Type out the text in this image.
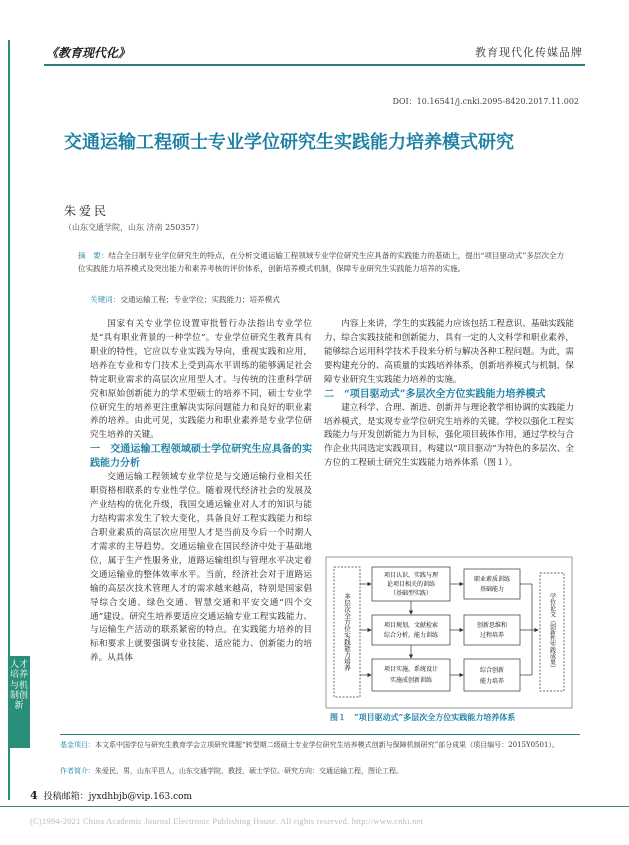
《教育现代化》	教育现代化传媒品牌
DOI：10.16541/j.cnki.2095-8420.2017.11.002
交通运输工程硕士专业学位研究生实践能力培养模式研究
朱爱民
（山东交通学院，山东 济南 250357）
摘　要：结合全日制专业学位研究生的特点，在分析交通运输工程领域专业学位研究生应具备的实践能力的基础上，提出“项目驱动式”多层次全方位实践能力培养模式及突出能力和素养考核的评价体系，创新培养模式机制，保障专业研究生实践能力培养的实施。
关键词：交通运输工程；专业学位；实践能力；培养模式

国家有关专业学位设置审批暂行办法指出专业学位是“具有职业背景的一种学位”。专业学位研究生教育具有职业的特性，它应以专业实践为导向，重视实践和应用，培养在专业和专门技术上受到高水平训练的能够满足社会特定职业需求的高层次应用型人才。与传统的注重科学研究和原始创新能力的学术型硕士的培养不同，硕士专业学位研究生的培养更注重解决实际问题能力和良好的职业素养的培养。由此可见，实践能力和职业素养是专业学位研究生培养的关键。

一　交通运输工程领域硕士学位研究生应具备的实践能力分析

交通运输工程领域专业学位是与交通运输行业相关任职资格相联系的专业性学位。随着现代经济社会的发展及产业结构的优化升级，我国交通运输业对人才的知识与能力结构需求发生了较大变化，具备良好工程实践能力和综合职业素质的高层次应用型人才是当前及今后一个时期人才需求的主导趋势。交通运输业在国民经济中处于基础地位，属于生产性服务业，道路运输组织与管理水平决定着交通运输业的整体效率水平。当前，经济社会对于道路运输的高层次技术管理人才的需求越来越高，特别是国家倡导综合交通、绿色交通、智慧交通和平安交通“四个交通”建设。研究生培养要适应交通运输专业工程实践能力、与运输生产活动的联系紧密的特点。在实践能力培养的目标和要求上就要强调专业技能、适应能力、创新能力的培养。从具体

内容上来讲，学生的实践能力应该包括工程意识、基础实践能力、综合实践技能和创新能力，具有一定的人文科学和职业素养，能够综合运用科学技术手段来分析与解决各种工程问题。为此，需要构建充分的、高质量的实践培养体系，创新培养模式与机制，保障专业研究生实践能力培养的实施。

二　“项目驱动式”多层次全方位实践能力培养模式

建立科学、合理、渐进、创新并与理论教学相协调的实践能力培养模式，是实现专业学位研究生培养的关键。学校以强化工程实践能力与开发创新能力为目标，强化项目载体作用，通过学校与合作企业共同选定实践项目，构建以“项目驱动”为特色的多层次、全方位的工程硕士研究生实践能力培养体系（图１）。

多层次全方位实践能力培养
项目认识，实践与理
论项目相关的训练
（基础型实践）
职业素质训练
基础能力
项目规划，文献检索
综合分析，能力训练
创新思维和
过程培养
项目实施，系统设计
实施成创新训练
综合创新
能力培养
学位论文（创新性实践成果）
图１　“项目驱动式”多层次全方位实践能力培养体系
人才培养与机制创新
基金项目：本文系中国学位与研究生教育学会立项研究课题“转型期二级硕士专业学位研究生培养模式创新与保障机制研究”部分成果（项目编号：2015Y0501）。
作者简介：朱爱民，男，山东平邑人，山东交通学院，教授，硕士学位。研究方向：交通运输工程，图论工程。
4 投稿邮箱：jyxdhbjb@vip.163.com
(C)1994-2021 China Academic Journal Electronic Publishing House. All rights reserved. http://www.cnki.net
